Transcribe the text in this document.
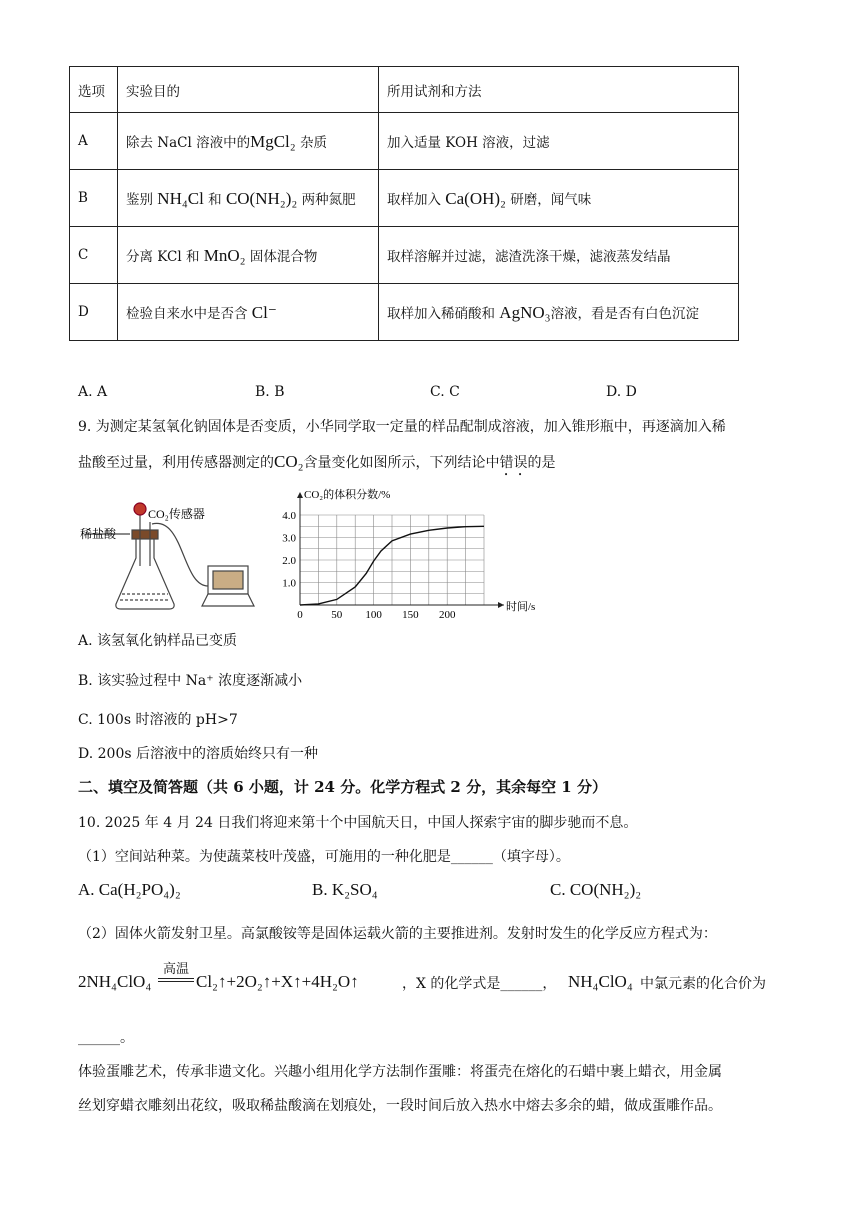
选项	实验目的	所用试剂和方法
A	除去 NaCl 溶液中的MgCl₂ 杂质	加入适量 KOH 溶液，过滤
B	鉴别 NH₄Cl 和 CO(NH₂)₂ 两种氮肥	取样加入 Ca(OH)₂ 研磨，闻气味
C	分离 KCl 和 MnO₂ 固体混合物	取样溶解并过滤，滤渣洗涤干燥，滤液蒸发结晶
D	检验自来水中是否含 Cl⁻	取样加入稀硝酸和 AgNO₃溶液，看是否有白色沉淀
A. A	B. B	C. C	D. D
9. 为测定某氢氧化钠固体是否变质，小华同学取一定量的样品配制成溶液，加入锥形瓶中，再逐滴加入稀
盐酸至过量，利用传感器测定的CO₂含量变化如图所示，下列结论中错误的是
稀盐酸
CO₂传感器
0	50 100 150 200
1.0
2.0
3.0
4.0
时间/s
CO₂的体积分数/%
A. 该氢氧化钠样品已变质
B. 该实验过程中 Na⁺ 浓度逐渐减小
C. 100s 时溶液的 pH>7
D. 200s 后溶液中的溶质始终只有一种
二、填空及简答题（共 6 小题，计 24 分。化学方程式 2 分，其余每空 1 分）
10. 2025 年 4 月 24 日我们将迎来第十个中国航天日，中国人探索宇宙的脚步驰而不息。
（1）空间站种菜。为使蔬菜枝叶茂盛，可施用的一种化肥是______（填字母）。
A. Ca(H₂PO₄)₂	B. K₂SO₄	C. CO(NH₂)₂
（2）固体火箭发射卫星。高氯酸铵等是固体运载火箭的主要推进剂。发射时发生的化学反应方程式为：
2NH₄ClO₄
高温
Cl₂↑+2O₂↑+X↑+4H₂O↑	，X 的化学式是______， NH₄ClO₄ 中氯元素的化合价为
______。
体验蛋雕艺术，传承非遗文化。兴趣小组用化学方法制作蛋雕：将蛋壳在熔化的石蜡中裹上蜡衣，用金属
丝划穿蜡衣雕刻出花纹，吸取稀盐酸滴在划痕处，一段时间后放入热水中熔去多余的蜡，做成蛋雕作品。
